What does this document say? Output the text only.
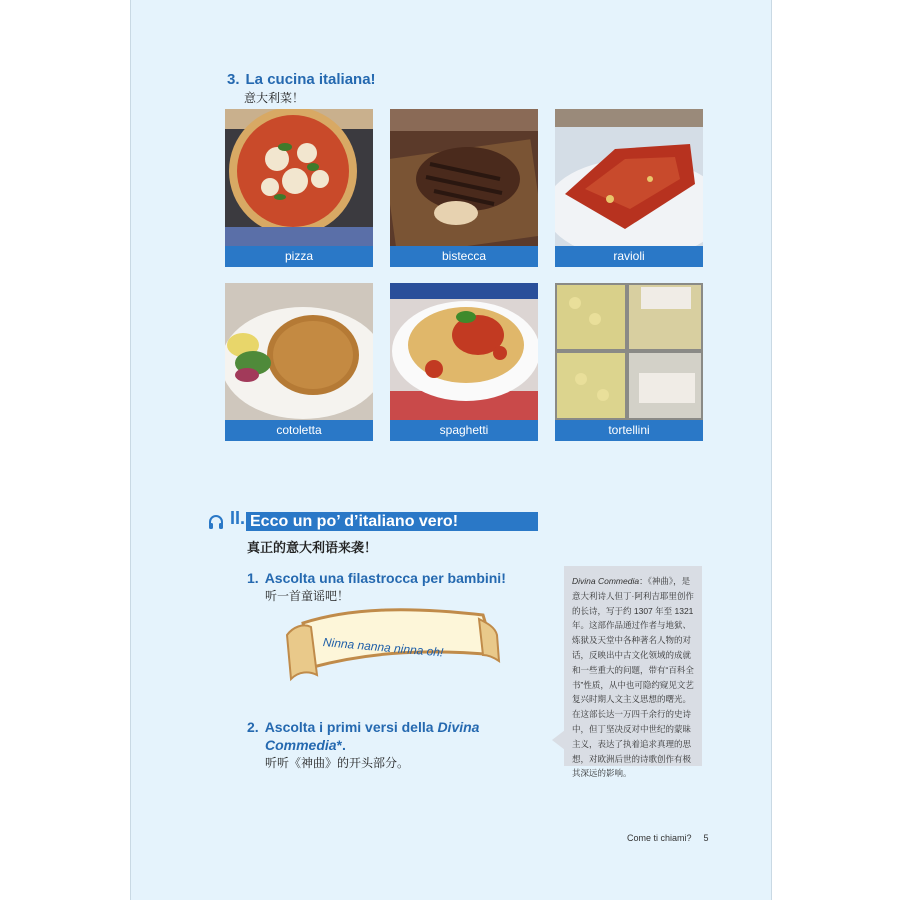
3. La cucina italiana!
意大利菜！
pizza	bistecca	ravioli
cotoletta	spaghetti	tortellini
II. Ecco un po’ d’italiano vero!
真正的意大利语来袭！
1. Ascolta una filastrocca per bambini!
听一首童谣吧！
Ninna nanna ninna oh!
2. Ascolta i primi versi della Divina
Commedia*.
听听《神曲》的开头部分。
Divina Commedia：《神曲》，是意大利诗人但丁·阿利吉耶里创作的长诗，写于约 1307 年至 1321 年。这部作品通过作者与地狱、炼狱及天堂中各种著名人物的对话，反映出中古文化领域的成就和一些重大的问题，带有“百科全书”性质，从中也可隐约窥见文艺复兴时期人文主义思想的曙光。在这部长达一万四千余行的史诗中，但丁坚决反对中世纪的蒙昧主义，表达了执着追求真理的思想，对欧洲后世的诗歌创作有极其深远的影响。
Come ti chiami? 5
